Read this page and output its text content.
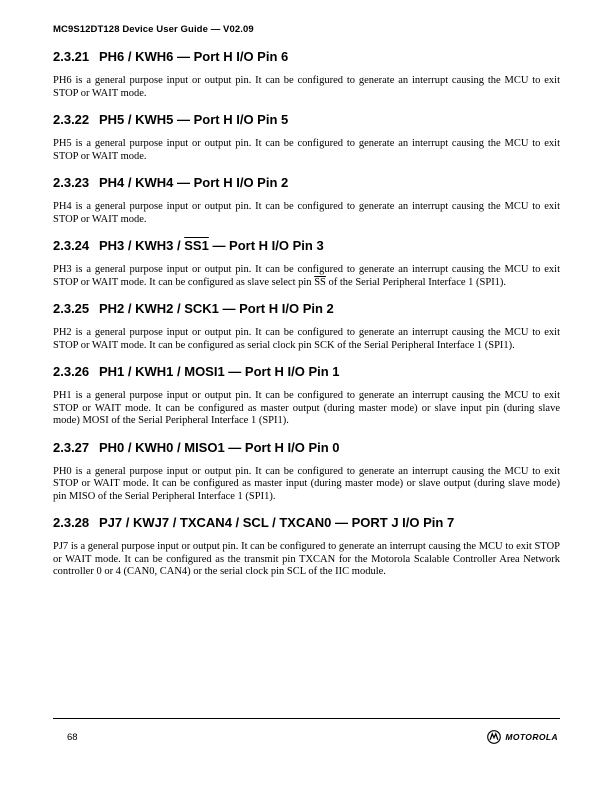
MC9S12DT128 Device User Guide — V02.09
2.3.21 PH6 / KWH6 — Port H I/O Pin 6

PH6 is a general purpose input or output pin. It can be configured to generate an interrupt causing the MCU to exit STOP or WAIT mode.

2.3.22 PH5 / KWH5 — Port H I/O Pin 5

PH5 is a general purpose input or output pin. It can be configured to generate an interrupt causing the MCU to exit STOP or WAIT mode.

2.3.23 PH4 / KWH4 — Port H I/O Pin 2

PH4 is a general purpose input or output pin. It can be configured to generate an interrupt causing the MCU to exit STOP or WAIT mode.

2.3.24 PH3 / KWH3 / SS1 — Port H I/O Pin 3

PH3 is a general purpose input or output pin. It can be configured to generate an interrupt causing the MCU to exit STOP or WAIT mode. It can be configured as slave select pin $\overline{SS}$ of the Serial Peripheral Interface 1 (SPI1).

2.3.25 PH2 / KWH2 / SCK1 — Port H I/O Pin 2

PH2 is a general purpose input or output pin. It can be configured to generate an interrupt causing the MCU to exit STOP or WAIT mode. It can be configured as serial clock pin SCK of the Serial Peripheral Interface 1 (SPI1).

2.3.26 PH1 / KWH1 / MOSI1 — Port H I/O Pin 1

PH1 is a general purpose input or output pin. It can be configured to generate an interrupt causing the MCU to exit STOP or WAIT mode. It can be configured as master output (during master mode) or slave input pin (during slave mode) MOSI of the Serial Peripheral Interface 1 (SPI1).

2.3.27 PH0 / KWH0 / MISO1 — Port H I/O Pin 0

PH0 is a general purpose input or output pin. It can be configured to generate an interrupt causing the MCU to exit STOP or WAIT mode. It can be configured as master input (during master mode) or slave output (during slave mode) pin MISO of the Serial Peripheral Interface 1 (SPI1).

2.3.28 PJ7 / KWJ7 / TXCAN4 / SCL / TXCAN0 — PORT J I/O Pin 7

PJ7 is a general purpose input or output pin. It can be configured to generate an interrupt causing the MCU to exit STOP or WAIT mode. It can be configured as the transmit pin TXCAN for the Motorola Scalable Controller Area Network controller 0 or 4 (CAN0, CAN4) or the serial clock pin SCL of the IIC module.

68	MOTOROLA
